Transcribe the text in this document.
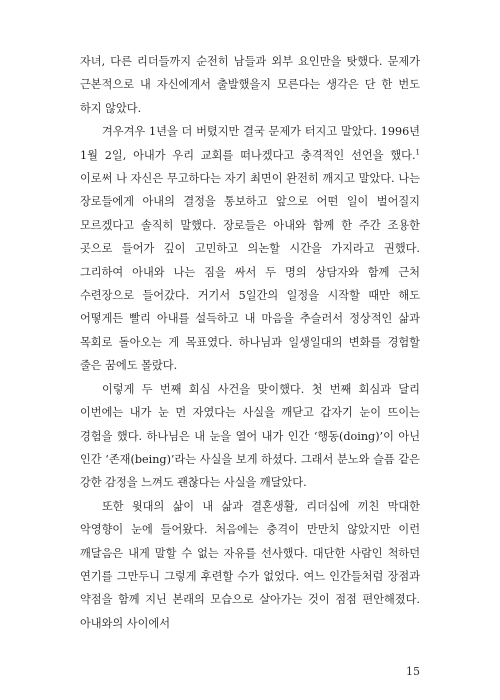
자녀, 다른 리더들까지 순전히 남들과 외부 요인만을 탓했다. 문제가 근본적으로 내 자신에게서 출발했을지 모른다는 생각은 단 한 번도 하지 않았다.

겨우겨우 1년을 더 버텼지만 결국 문제가 터지고 말았다. 1996년 1월 2일, 아내가 우리 교회를 떠나겠다고 충격적인 선언을 했다.$^1$ 이로써 나 자신은 무고하다는 자기 최면이 완전히 깨지고 말았다. 나는 장로들에게 아내의 결정을 통보하고 앞으로 어떤 일이 벌어질지 모르겠다고 솔직히 말했다. 장로들은 아내와 함께 한 주간 조용한 곳으로 들어가 깊이 고민하고 의논할 시간을 가지라고 권했다. 그리하여 아내와 나는 짐을 싸서 두 명의 상담자와 함께 근처 수련장으로 들어갔다. 거기서 5일간의 일정을 시작할 때만 해도 어떻게든 빨리 아내를 설득하고 내 마음을 추슬러서 정상적인 삶과 목회로 돌아오는 게 목표였다. 하나님과 일생일대의 변화를 경험할 줄은 꿈에도 몰랐다.

이렇게 두 번째 회심 사건을 맞이했다. 첫 번째 회심과 달리 이번에는 내가 눈 먼 자였다는 사실을 깨닫고 갑자기 눈이 뜨이는 경험을 했다. 하나님은 내 눈을 열어 내가 인간 ‘행동(doing)’이 아닌 인간 ‘존재(being)’라는 사실을 보게 하셨다. 그래서 분노와 슬픔 같은 강한 감정을 느껴도 괜찮다는 사실을 깨달았다.

또한 윗대의 삶이 내 삶과 결혼생활, 리더십에 끼친 막대한 악영향이 눈에 들어왔다. 처음에는 충격이 만만치 않았지만 이런 깨달음은 내게 말할 수 없는 자유를 선사했다. 대단한 사람인 척하던 연기를 그만두니 그렇게 후련할 수가 없었다. 여느 인간들처럼 장점과 약점을 함께 지닌 본래의 모습으로 살아가는 것이 점점 편안해졌다. 아내와의 사이에서

15
